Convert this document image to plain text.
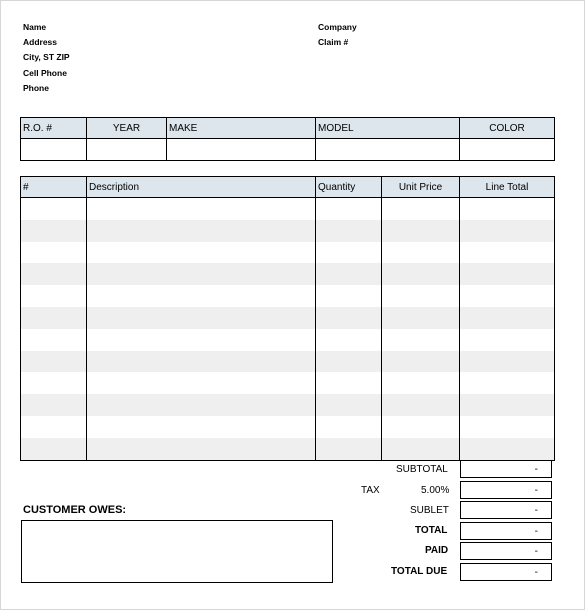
Name
Address
City, ST ZIP
Cell Phone
Phone
Company
Claim #
R.O. #	YEAR	MAKE	MODEL	COLOR

#	Description	Quantity	Unit Price	Line Total

SUBTOTAL	-
TAX	5.00%	-
SUBLET	-
TOTAL	-
PAID	-
TOTAL DUE	-
CUSTOMER OWES:
